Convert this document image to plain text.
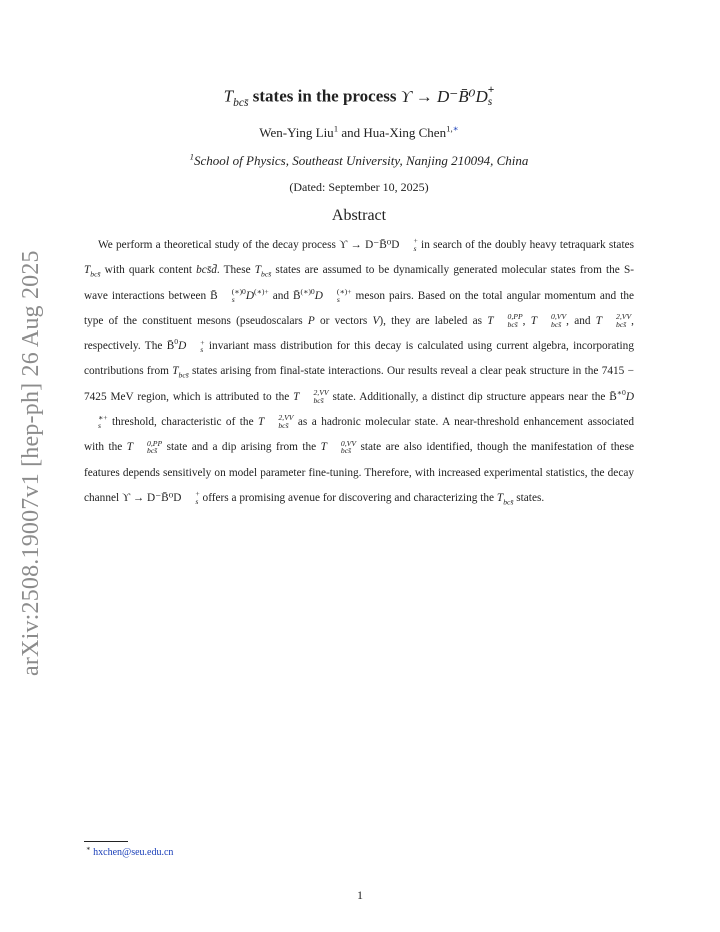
arXiv:2508.19007v1 [hep-ph] 26 Aug 2025
$T_{bcs̄}$ states in the process ϒ → D⁻B̄⁰D +
s
Wen-Ying Liu$^1$ and Hua-Xing Chen$^{1,∗}$
$^1$School of Physics, Southeast University, Nanjing 210094, China
(Dated: September 10, 2025)
Abstract
We perform a theoretical study of the decay process ϒ → D⁻B̄⁰D	+
s in search of the doubly heavy tetraquark states $T_{bcs̄}$ with quark content bcs̄d̄. These $T_{bcs̄}$ states are assumed to be dynamically generated molecular states from the S-wave interactions between B̄	(∗)0
s D(∗)+ and B̄$^{(∗)0}$D	(∗)+
s	meson pairs. Based on the total angular momentum and the type of the constituent mesons (pseudoscalars P or vectors V), they are labeled as T	0,PP
bcs̄ , T	0,VV
bcs̄ , and T	2,VV
bcs̄ , respectively. The B̄$^0$D	+
s invariant mass distribution for this decay is calculated using current algebra, incorporating contributions from $T_{bcs̄}$ states arising from final-state interactions. Our results reveal a clear peak structure in the 7415 − 7425 MeV region, which is attributed to the T	2,VV
bcs̄ state. Additionally, a distinct dip structure appears near the B̄$^{∗0}$D
∗+
s threshold, characteristic of the T	2,VV
bcs̄ as a hadronic molecular state. A near-threshold enhancement associated with the T	0,PP
bcs̄ state and a dip arising from the T	0,VV
bcs̄ state are also identified, though the manifestation of these features depends sensitively on model parameter fine-tuning. Therefore, with increased experimental statistics, the decay channel ϒ → D⁻B̄⁰D	+
s offers a promising avenue for discovering and characterizing the $T_{bcs̄}$ states.
∗ hxchen@seu.edu.cn
1
